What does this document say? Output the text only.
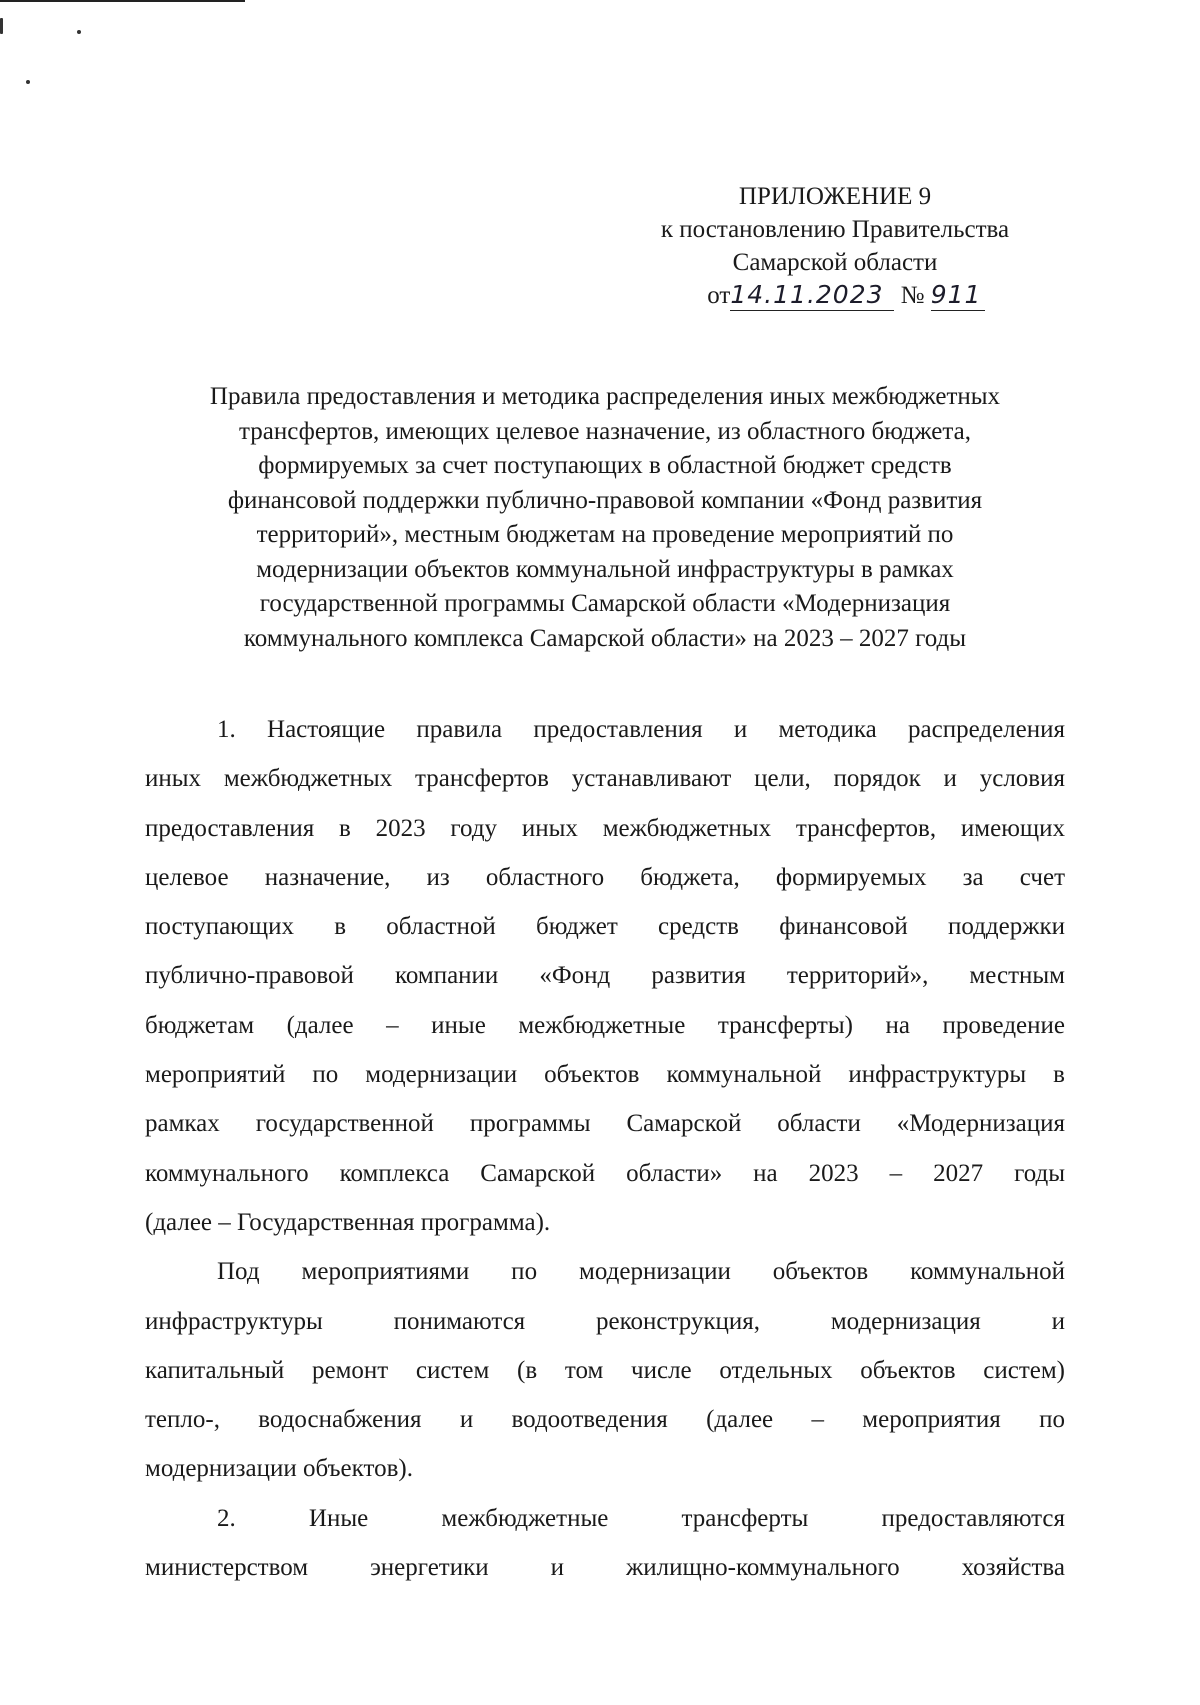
ПРИЛОЖЕНИЕ 9
к постановлению Правительства
Самарской области
от14.11.2023 № 911
Правила предоставления и методика распределения иных межбюджетных
трансфертов, имеющих целевое назначение, из областного бюджета,
формируемых за счет поступающих в областной бюджет средств
финансовой поддержки публично-правовой компании «Фонд развития
территорий», местным бюджетам на проведение мероприятий по
модернизации объектов коммунальной инфраструктуры в рамках
государственной программы Самарской области «Модернизация
коммунального комплекса Самарской области» на 2023 – 2027 годы
1. Настоящие правила предоставления и методика распределения
иных межбюджетных трансфертов устанавливают цели, порядок и условия
предоставления в 2023 году иных межбюджетных трансфертов, имеющих
целевое назначение, из областного бюджета, формируемых за счет
поступающих в областной бюджет средств финансовой поддержки
публично-правовой компании «Фонд развития территорий», местным
бюджетам (далее – иные межбюджетные трансферты) на проведение
мероприятий по модернизации объектов коммунальной инфраструктуры в
рамках государственной программы Самарской области «Модернизация
коммунального комплекса Самарской области» на 2023 – 2027 годы
(далее – Государственная программа).
Под мероприятиями по модернизации объектов коммунальной
инфраструктуры понимаются реконструкция, модернизация и
капитальный ремонт систем (в том числе отдельных объектов систем)
тепло-, водоснабжения и водоотведения (далее – мероприятия по
модернизации объектов).
2. Иные межбюджетные трансферты предоставляются
министерством энергетики и жилищно-коммунального хозяйства
